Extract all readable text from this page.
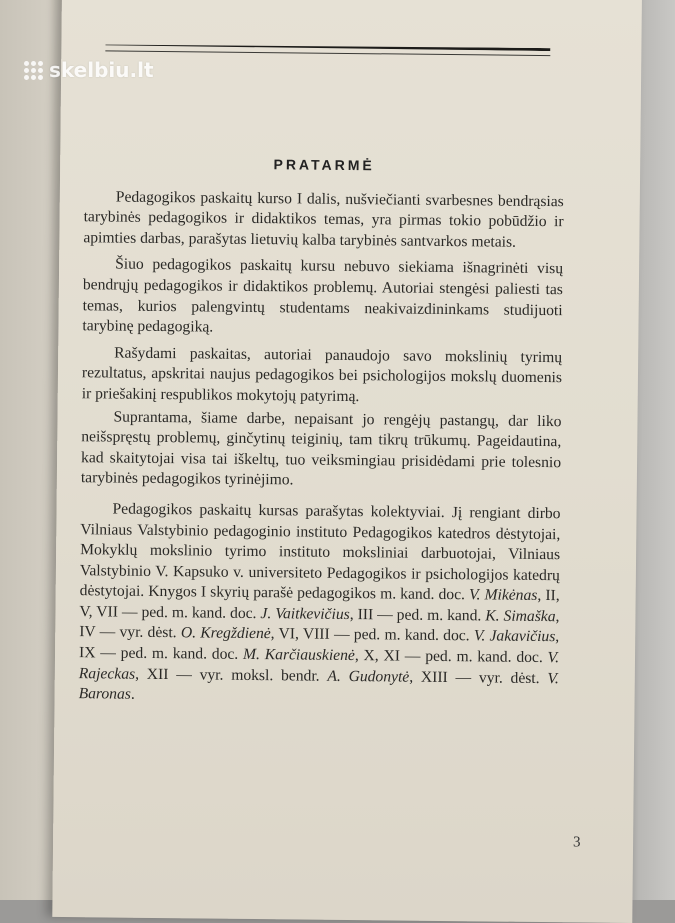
skelbiu.lt
PRATARMĖ

Pedagogikos paskaitų kurso I dalis, nušviečianti svarbesnes bendrąsias tarybinės pedagogikos ir didaktikos temas, yra pirmas tokio pobūdžio ir apimties darbas, parašytas lietuvių kalba tarybinės santvarkos metais.

Šiuo pedagogikos paskaitų kursu nebuvo siekiama išnagrinėti visų bendrųjų pedagogikos ir didaktikos problemų. Autoriai stengėsi paliesti tas temas, kurios palengvintų studentams neakivaizdininkams studijuoti tarybinę pedagogiką.

Rašydami paskaitas, autoriai panaudojo savo mokslinių tyrimų rezultatus, apskritai naujus pedagogikos bei psichologijos mokslų duomenis ir priešakinį respublikos mokytojų patyrimą.

Suprantama, šiame darbe, nepaisant jo rengėjų pastangų, dar liko neišspręstų problemų, ginčytinų teiginių, tam tikrų trūkumų. Pageidautina, kad skaitytojai visa tai iškeltų, tuo veiksmingiau prisidėdami prie tolesnio tarybinės pedagogikos tyrinėjimo.

Pedagogikos paskaitų kursas parašytas kolektyviai. Jį rengiant dirbo Vilniaus Valstybinio pedagoginio instituto Pedagogikos katedros dėstytojai, Mokyklų mokslinio tyrimo instituto moksliniai darbuotojai, Vilniaus Valstybinio V. Kapsuko v. universiteto Pedagogikos ir psichologijos katedrų dėstytojai. Knygos I skyrių parašė pedagogikos m. kand. doc. V. Mikėnas, II, V, VII — ped. m. kand. doc. J. Vaitkevičius, III — ped. m. kand. K. Simaška, IV — vyr. dėst. O. Kregždienė, VI, VIII — ped. m. kand. doc. V. Jakavičius, IX — ped. m. kand. doc. M. Karčiauskienė, X, XI — ped. m. kand. doc. V. Rajeckas, XII — vyr. moksl. bendr. A. Gudonytė, XIII — vyr. dėst. V. Baronas.

3
